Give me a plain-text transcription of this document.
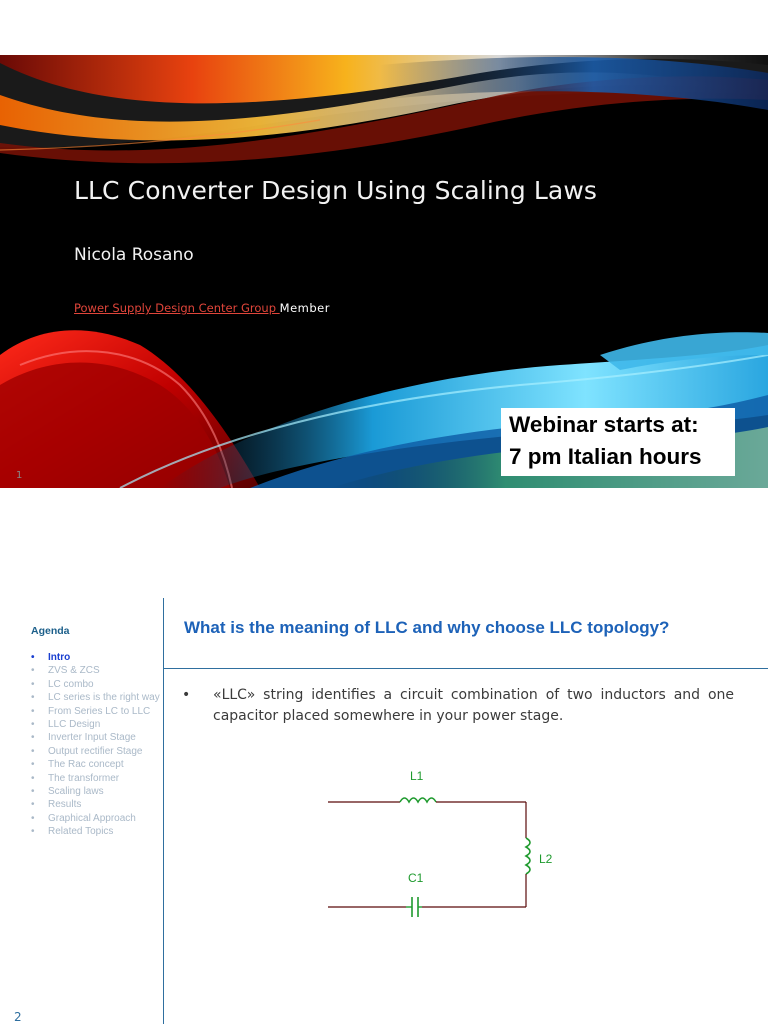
LLC Converter Design Using Scaling Laws
Nicola Rosano
Power Supply Design Center Group Member
Webinar starts at:
7 pm Italian hours
1
Agenda
• Intro
• ZVS & ZCS
• LC combo
• LC series is the right way
• From Series LC to LLC
• LLC Design
• Inverter Input Stage
• Output rectifier Stage
• The Rac concept
• The transformer
• Scaling laws
• Results
• Graphical Approach
• Related Topics
What is the meaning of LLC and why choose LLC topology?
• «LLC» string identifies a circuit combination of two inductors and one capacitor placed somewhere in your power stage.
L1
L2
C1
2
